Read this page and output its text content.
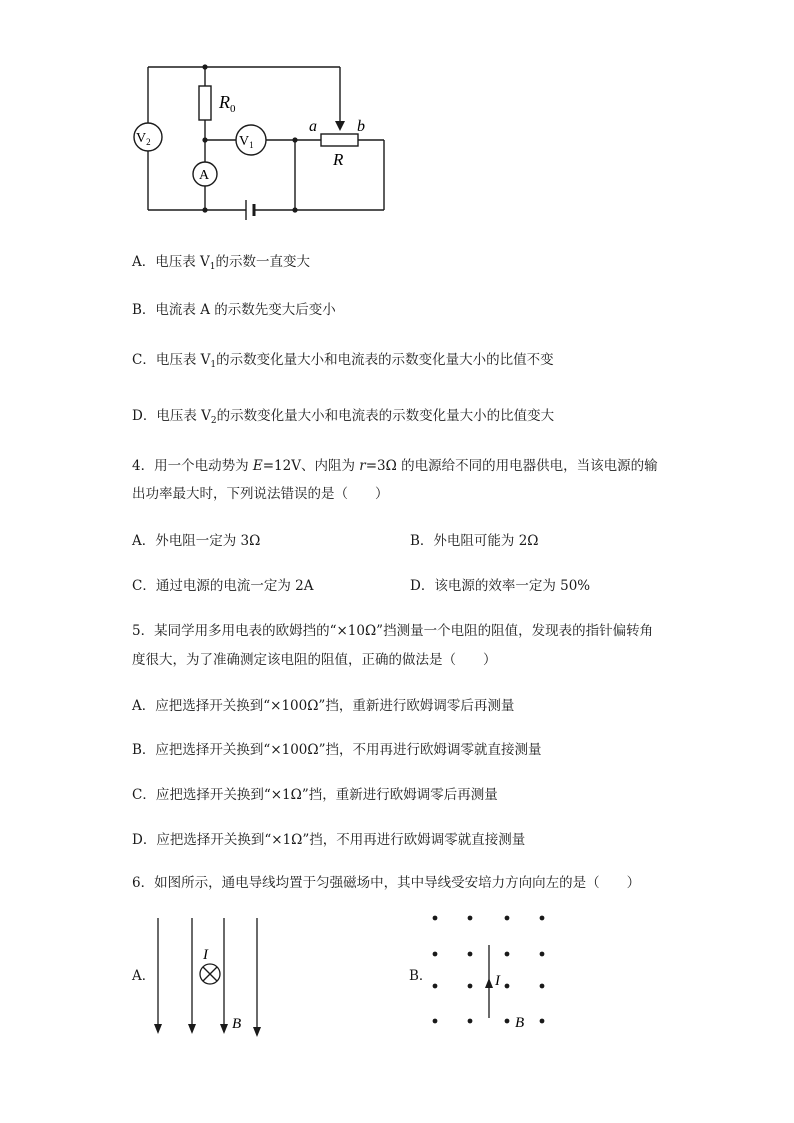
$V_2$
A
$V_1$
$R_0$
a	b
R
A．电压表 $V_1$的示数一直变大
B．电流表 A 的示数先变大后变小
C．电压表 $V_1$的示数变化量大小和电流表的示数变化量大小的比值不变
D．电压表 $V_2$的示数变化量大小和电流表的示数变化量大小的比值变大
4．用一个电动势为 E=12V、内阻为 r=3Ω 的电源给不同的用电器供电，当该电源的输
出功率最大时，下列说法错误的是（　　）
A．外电阻一定为 3Ω	B．外电阻可能为 2Ω
C．通过电源的电流一定为 2A	D．该电源的效率一定为 50%
5．某同学用多用电表的欧姆挡的“×10Ω”挡测量一个电阻的阻值，发现表的指针偏转角
度很大，为了准确测定该电阻的阻值，正确的做法是（　　）
A．应把选择开关换到“×100Ω”挡，重新进行欧姆调零后再测量
B．应把选择开关换到“×100Ω”挡，不用再进行欧姆调零就直接测量
C．应把选择开关换到“×1Ω”挡，重新进行欧姆调零后再测量
D．应把选择开关换到“×1Ω”挡，不用再进行欧姆调零就直接测量
6．如图所示，通电导线均置于匀强磁场中，其中导线受安培力方向向左的是（　　）
A．	B．
I
B
I
B
